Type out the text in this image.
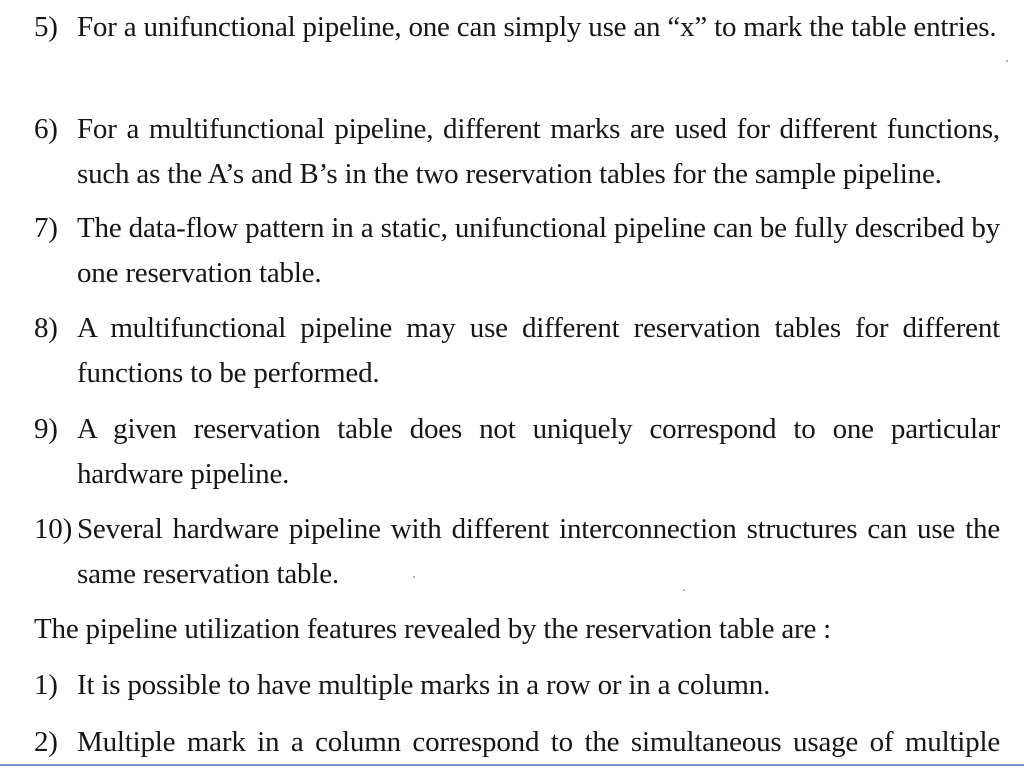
5) For a unifunctional pipeline, one can simply use an “x” to mark the table entries.
6) For a multifunctional pipeline, different marks are used for different functions, such as the A’s and B’s in the two reservation tables for the sample pipeline.
7) The data-flow pattern in a static, unifunctional pipeline can be fully described by one reservation table.
8) A multifunctional pipeline may use different reservation tables for different functions to be performed.
9) A given reservation table does not uniquely correspond to one particular hardware pipeline.
10) Several hardware pipeline with different interconnection structures can use the same reservation table.
The pipeline utilization features revealed by the reservation table are :
1) It is possible to have multiple marks in a row or in a column.
2) Multiple mark in a column correspond to the simultaneous usage of multiple
